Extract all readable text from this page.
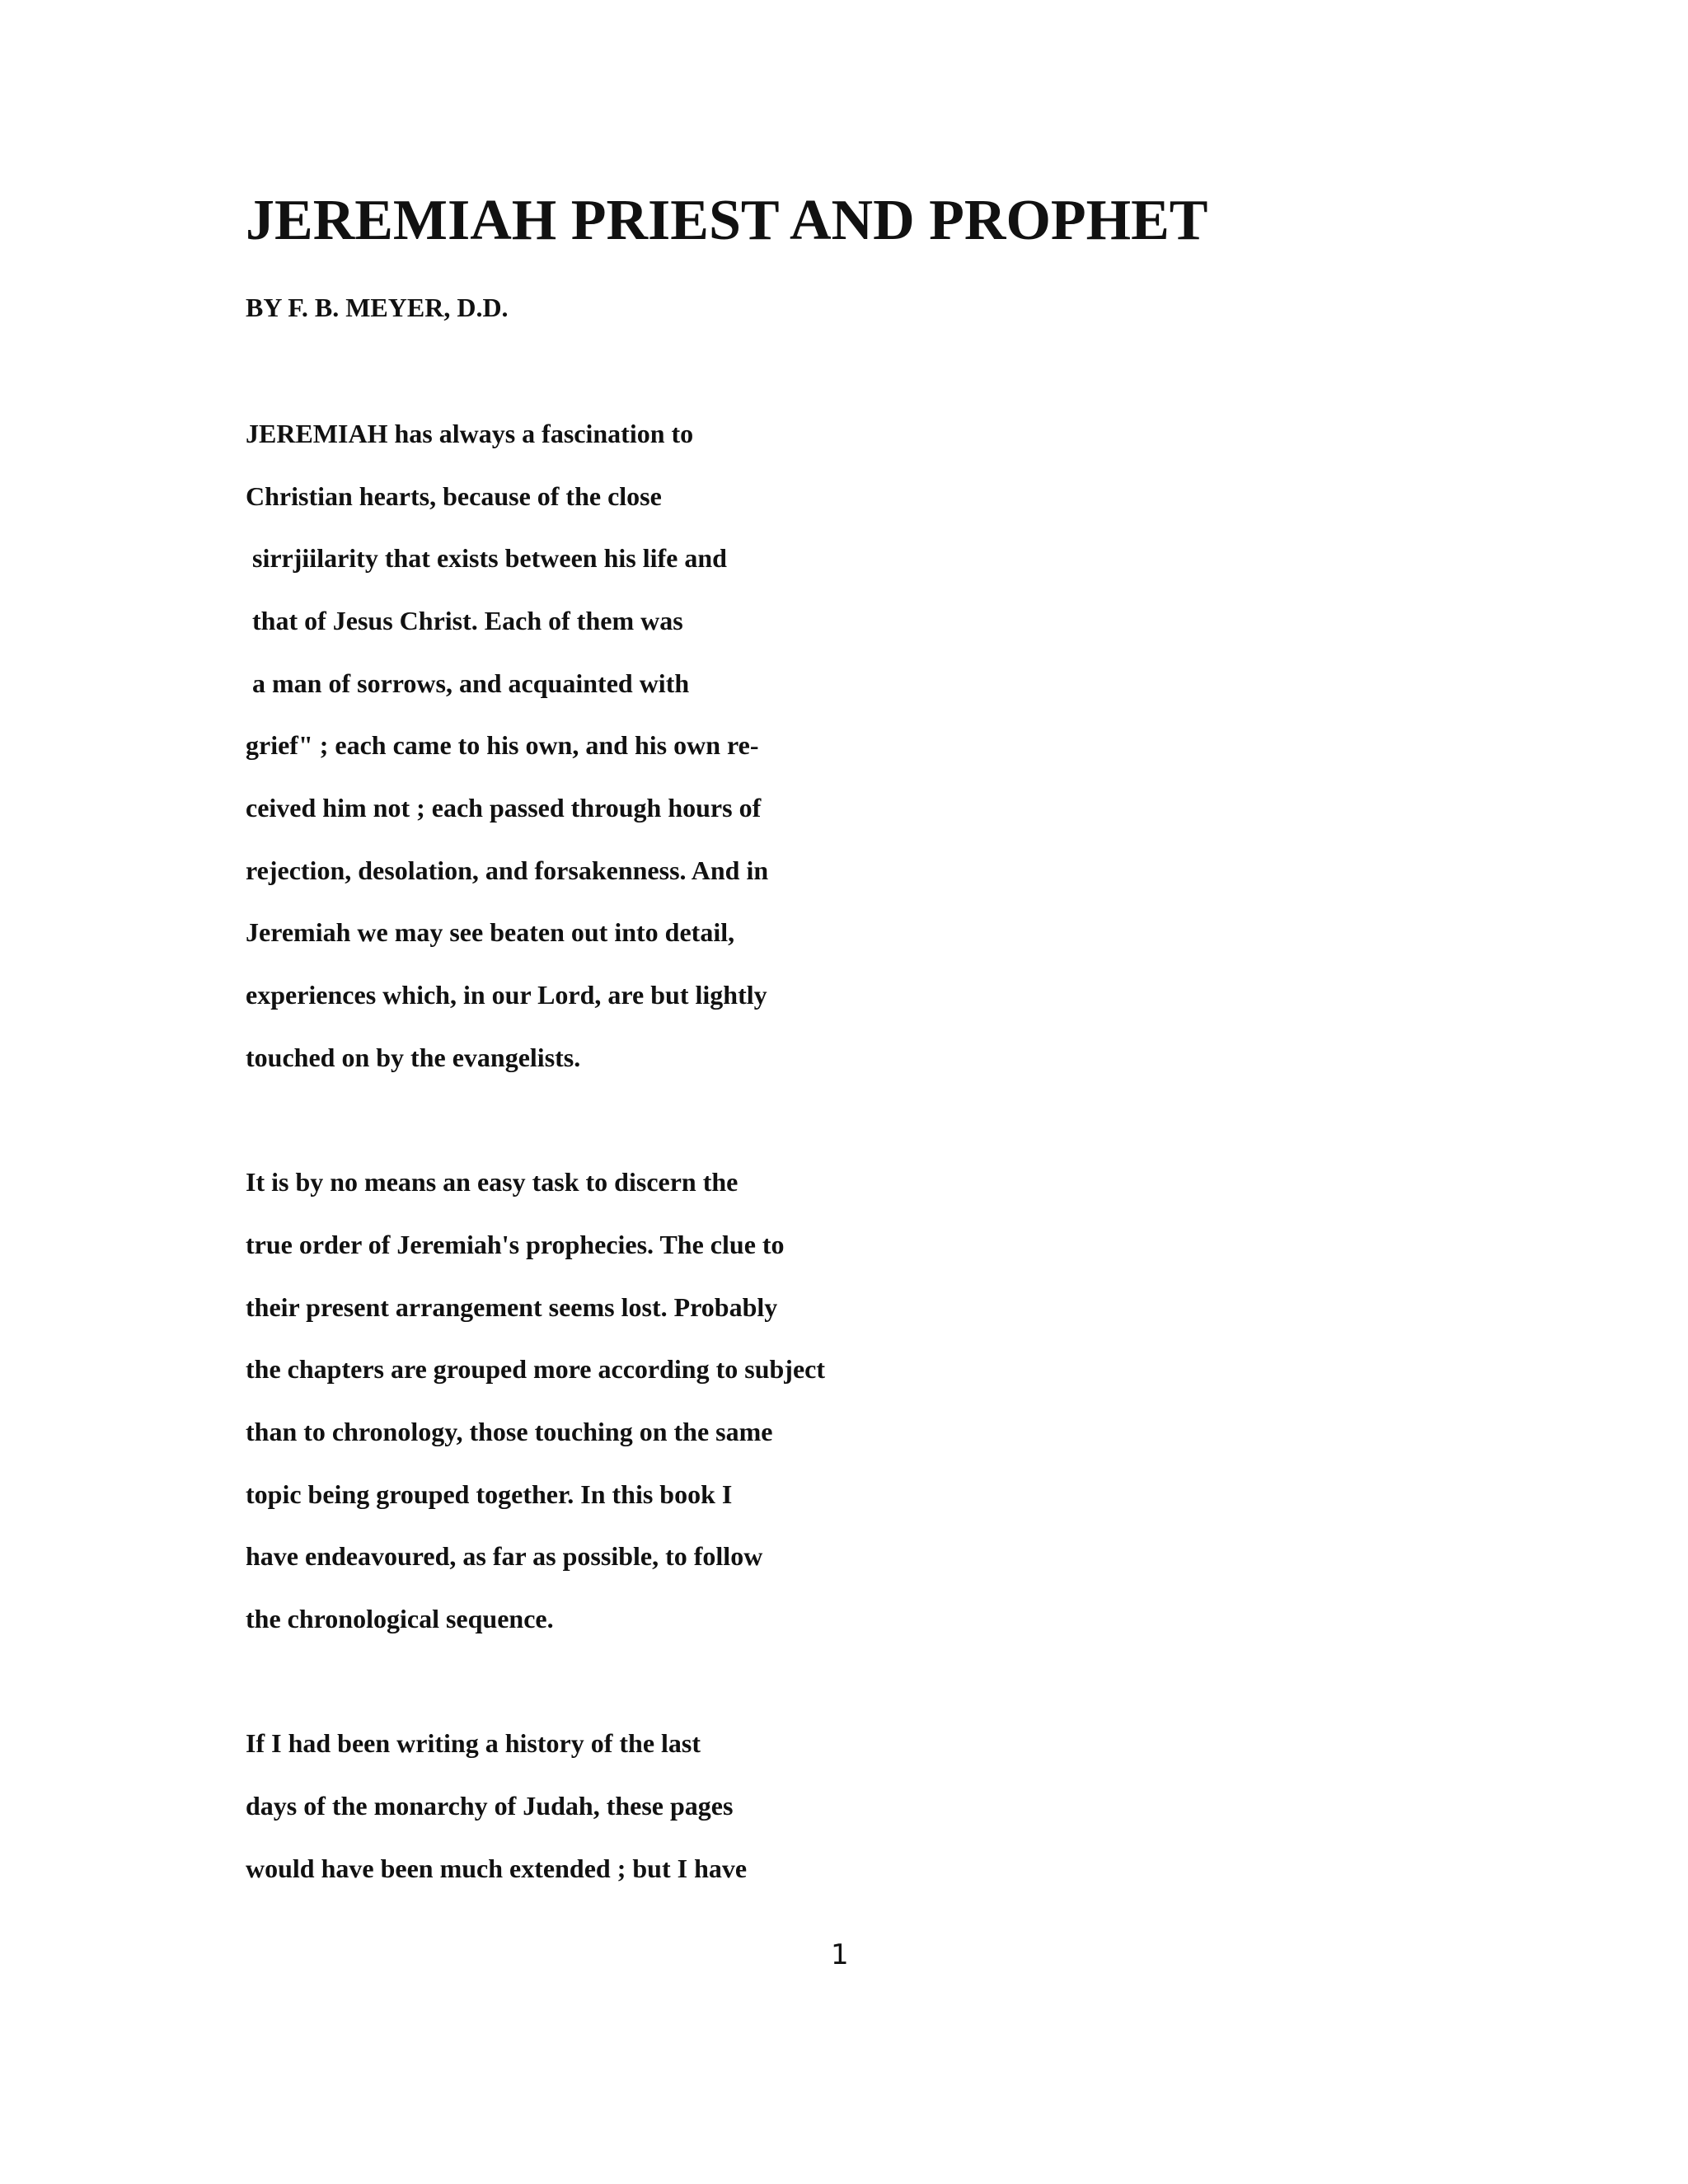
JEREMIAH PRIEST AND PROPHET
BY F. B. MEYER, D.D.
JEREMIAH has always a fascination to
Christian hearts, because of the close
sirrjiilarity that exists between his life and
that of Jesus Christ. Each of them was
a man of sorrows, and acquainted with
grief" ; each came to his own, and his own re-
ceived him not ; each passed through hours of
rejection, desolation, and forsakenness. And in
Jeremiah we may see beaten out into detail,
experiences which, in our Lord, are but lightly
touched on by the evangelists.
It is by no means an easy task to discern the
true order of Jeremiah's prophecies. The clue to
their present arrangement seems lost. Probably
the chapters are grouped more according to subject
than to chronology, those touching on the same
topic being grouped together. In this book I
have endeavoured, as far as possible, to follow
the chronological sequence.
If I had been writing a history of the last
days of the monarchy of Judah, these pages
would have been much extended ; but I have
1
